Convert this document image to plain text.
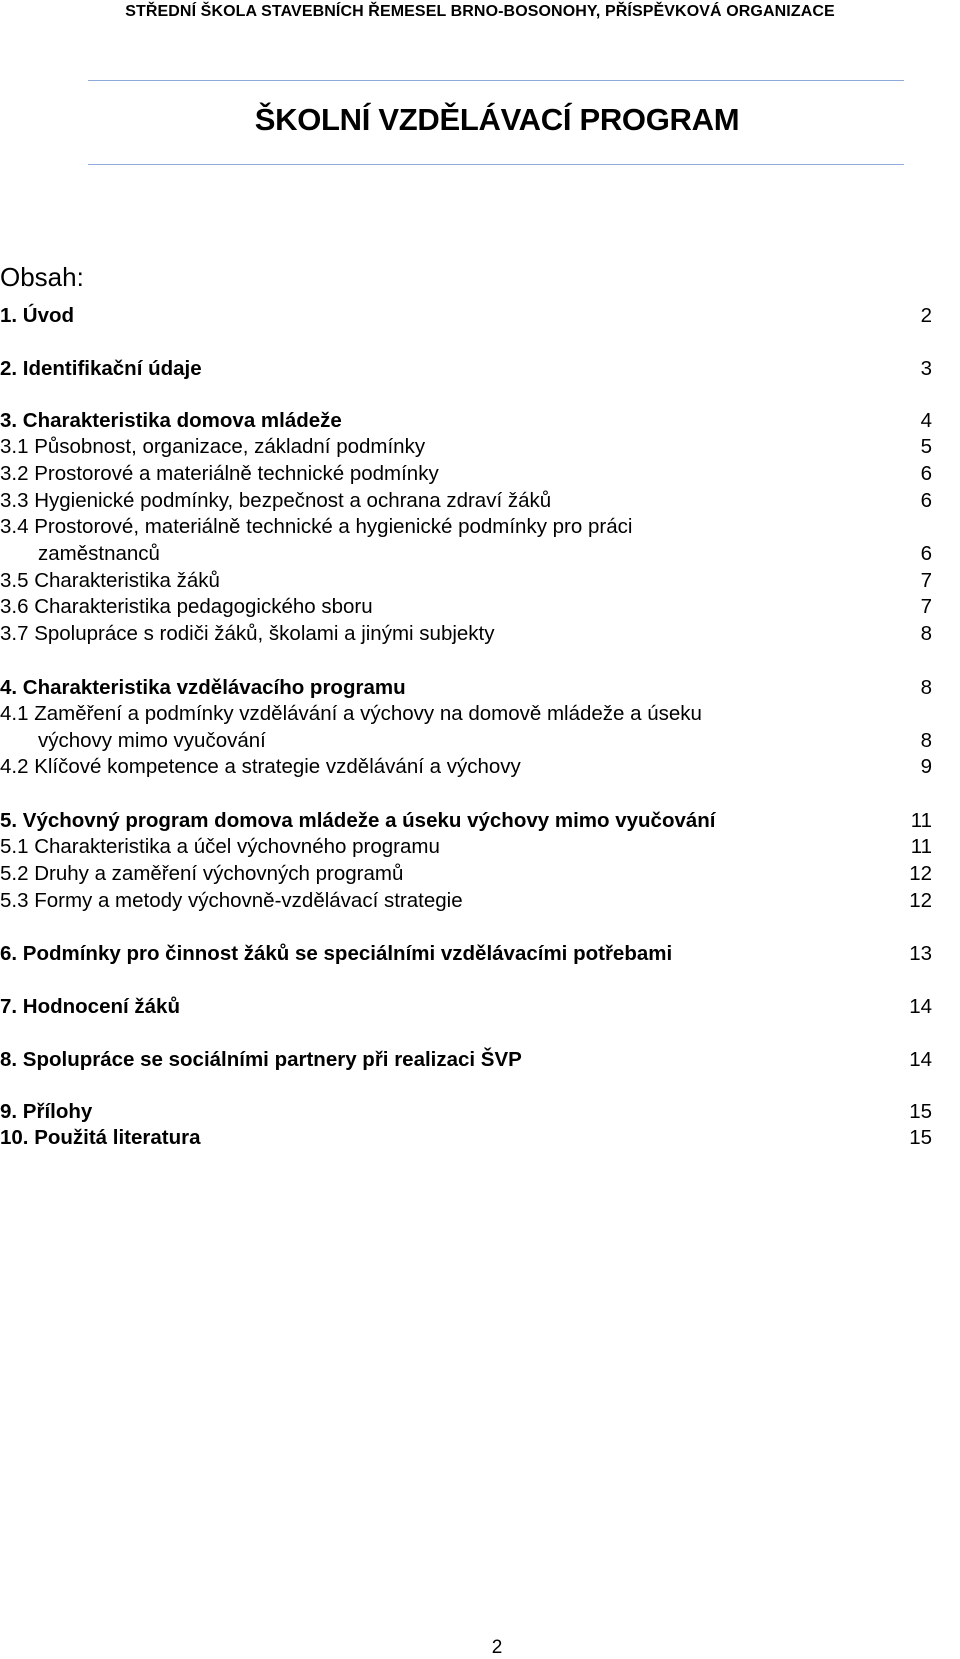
STŘEDNÍ ŠKOLA STAVEBNÍCH ŘEMESEL BRNO-BOSONOHY, PŘÍSPĚVKOVÁ ORGANIZACE
ŠKOLNÍ VZDĚLÁVACÍ PROGRAM
Obsah:
1. Úvod	2
2. Identifikační údaje	3
3. Charakteristika domova mládeže	4
3.1 Působnost, organizace, základní podmínky	5
3.2 Prostorové a materiálně technické podmínky	6
3.3 Hygienické podmínky, bezpečnost a ochrana zdraví žáků	6
3.4 Prostorové, materiálně technické a hygienické podmínky pro práci
zaměstnanců	6
3.5 Charakteristika žáků	7
3.6 Charakteristika pedagogického sboru	7
3.7 Spolupráce s rodiči žáků, školami a jinými subjekty	8
4. Charakteristika vzdělávacího programu	8
4.1 Zaměření a podmínky vzdělávání a výchovy na domově mládeže a úseku
výchovy mimo vyučování	8
4.2 Klíčové kompetence a strategie vzdělávání a výchovy	9
5. Výchovný program domova mládeže a úseku výchovy mimo vyučování	11
5.1 Charakteristika a účel výchovného programu	11
5.2 Druhy a zaměření výchovných programů	12
5.3 Formy a metody výchovně-vzdělávací strategie	12
6. Podmínky pro činnost žáků se speciálními vzdělávacími potřebami	13
7. Hodnocení žáků	14
8. Spolupráce se sociálními partnery při realizaci ŠVP	14
9. Přílohy	15
10. Použitá literatura	15
2
